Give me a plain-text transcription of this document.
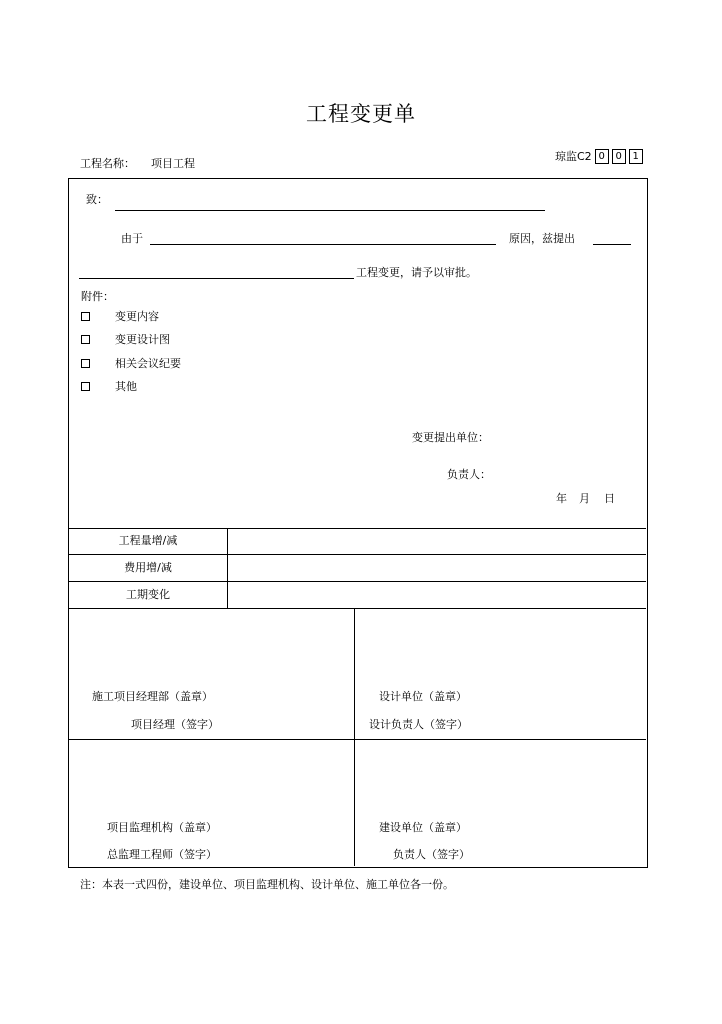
工程变更单
工程名称： 项目工程
琼监C2 0	0	1
致：
由于	原因，兹提出
工程变更，请予以审批。
附件：
变更内容
变更设计图
相关会议纪要
其他
变更提出单位：
负责人：
年 月 日
工程量增/减
费用增/减
工期变化
施工项目经理部（盖章）
项目经理（签字）
设计单位（盖章）
设计负责人（签字）
项目监理机构（盖章）
总监理工程师（签字）
建设单位（盖章）
负责人（签字）
注：本表一式四份，建设单位、项目监理机构、设计单位、施工单位各一份。
